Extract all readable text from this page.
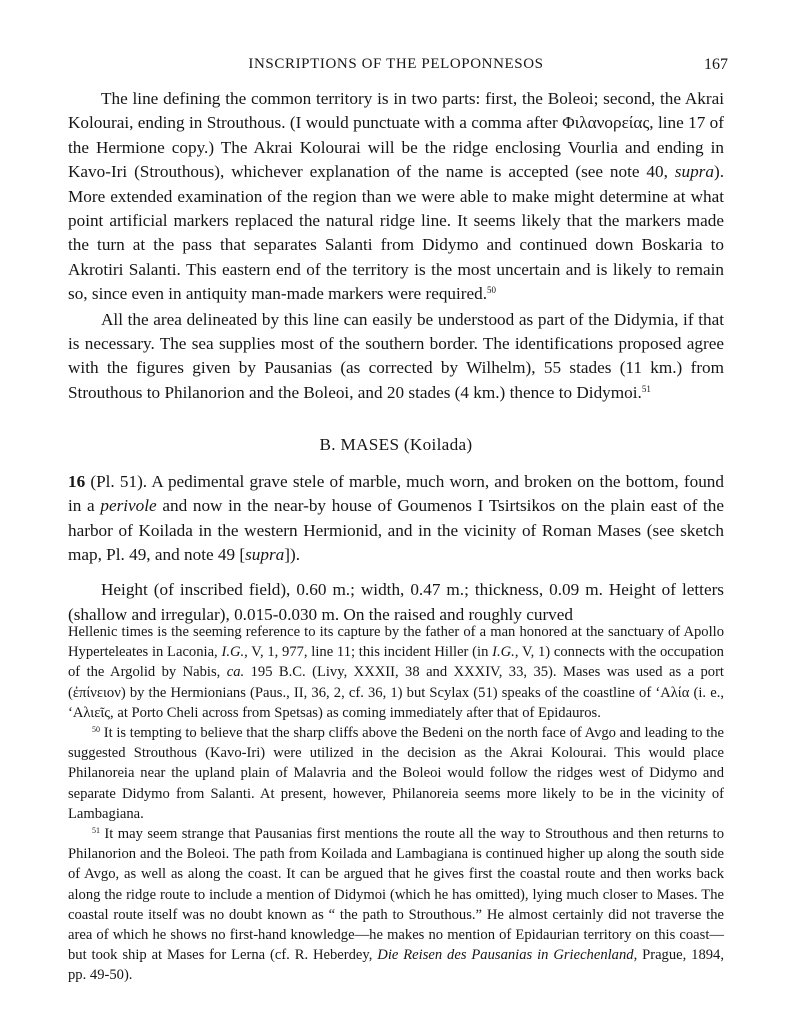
INSCRIPTIONS OF THE PELOPONNESOS	167

The line defining the common territory is in two parts: first, the Boleoi; second, the Akrai Kolourai, ending in Strouthous. (I would punctuate with a comma after Φιλανορείας, line 17 of the Hermione copy.) The Akrai Kolourai will be the ridge enclosing Vourlia and ending in Kavo-Iri (Strouthous), whichever explanation of the name is accepted (see note 40, supra). More extended examination of the region than we were able to make might determine at what point artificial markers replaced the natural ridge line. It seems likely that the markers made the turn at the pass that separates Salanti from Didymo and continued down Boskaria to Akrotiri Salanti. This eastern end of the territory is the most uncertain and is likely to remain so, since even in antiquity man-made markers were required.$^{50}$

All the area delineated by this line can easily be understood as part of the Didymia, if that is necessary. The sea supplies most of the southern border. The identifications proposed agree with the figures given by Pausanias (as corrected by Wilhelm), 55 stades (11 km.) from Strouthous to Philanorion and the Boleoi, and 20 stades (4 km.) thence to Didymoi.$^{51}$

B. MASES (Koilada)

16 (Pl. 51). A pedimental grave stele of marble, much worn, and broken on the bottom, found in a perivole and now in the near-by house of Goumenos I Tsirtsikos on the plain east of the harbor of Koilada in the western Hermionid, and in the vicinity of Roman Mases (see sketch map, Pl. 49, and note 49 [supra]).

Height (of inscribed field), 0.60 m.; width, 0.47 m.; thickness, 0.09 m. Height of letters (shallow and irregular), 0.015-0.030 m. On the raised and roughly curved

Hellenic times is the seeming reference to its capture by the father of a man honored at the sanctuary of Apollo Hyperteleates in Laconia, I.G., V, 1, 977, line 11; this incident Hiller (in I.G., V, 1) connects with the occupation of the Argolid by Nabis, ca. 195 B.C. (Livy, XXXII, 38 and XXXIV, 33, 35). Mases was used as a port (ἐπίνειον) by the Hermionians (Paus., II, 36, 2, cf. 36, 1) but Scylax (51) speaks of the coastline of ‘Αλία (i. e., ‘Αλιεῖς, at Porto Cheli across from Spetsas) as coming immediately after that of Epidauros.

$^{50}$ It is tempting to believe that the sharp cliffs above the Bedeni on the north face of Avgo and leading to the suggested Strouthous (Kavo-Iri) were utilized in the decision as the Akrai Kolourai. This would place Philanoreia near the upland plain of Malavria and the Boleoi would follow the ridges west of Didymo and separate Didymo from Salanti. At present, however, Philanoreia seems more likely to be in the vicinity of Lambagiana.

$^{51}$ It may seem strange that Pausanias first mentions the route all the way to Strouthous and then returns to Philanorion and the Boleoi. The path from Koilada and Lambagiana is continued higher up along the south side of Avgo, as well as along the coast. It can be argued that he gives first the coastal route and then works back along the ridge route to include a mention of Didymoi (which he has omitted), lying much closer to Mases. The coastal route itself was no doubt known as “ the path to Strouthous.” He almost certainly did not traverse the area of which he shows no first-hand knowledge—he makes no mention of Epidaurian territory on this coast—but took ship at Mases for Lerna (cf. R. Heberdey, Die Reisen des Pausanias in Griechenland, Prague, 1894, pp. 49-50).
